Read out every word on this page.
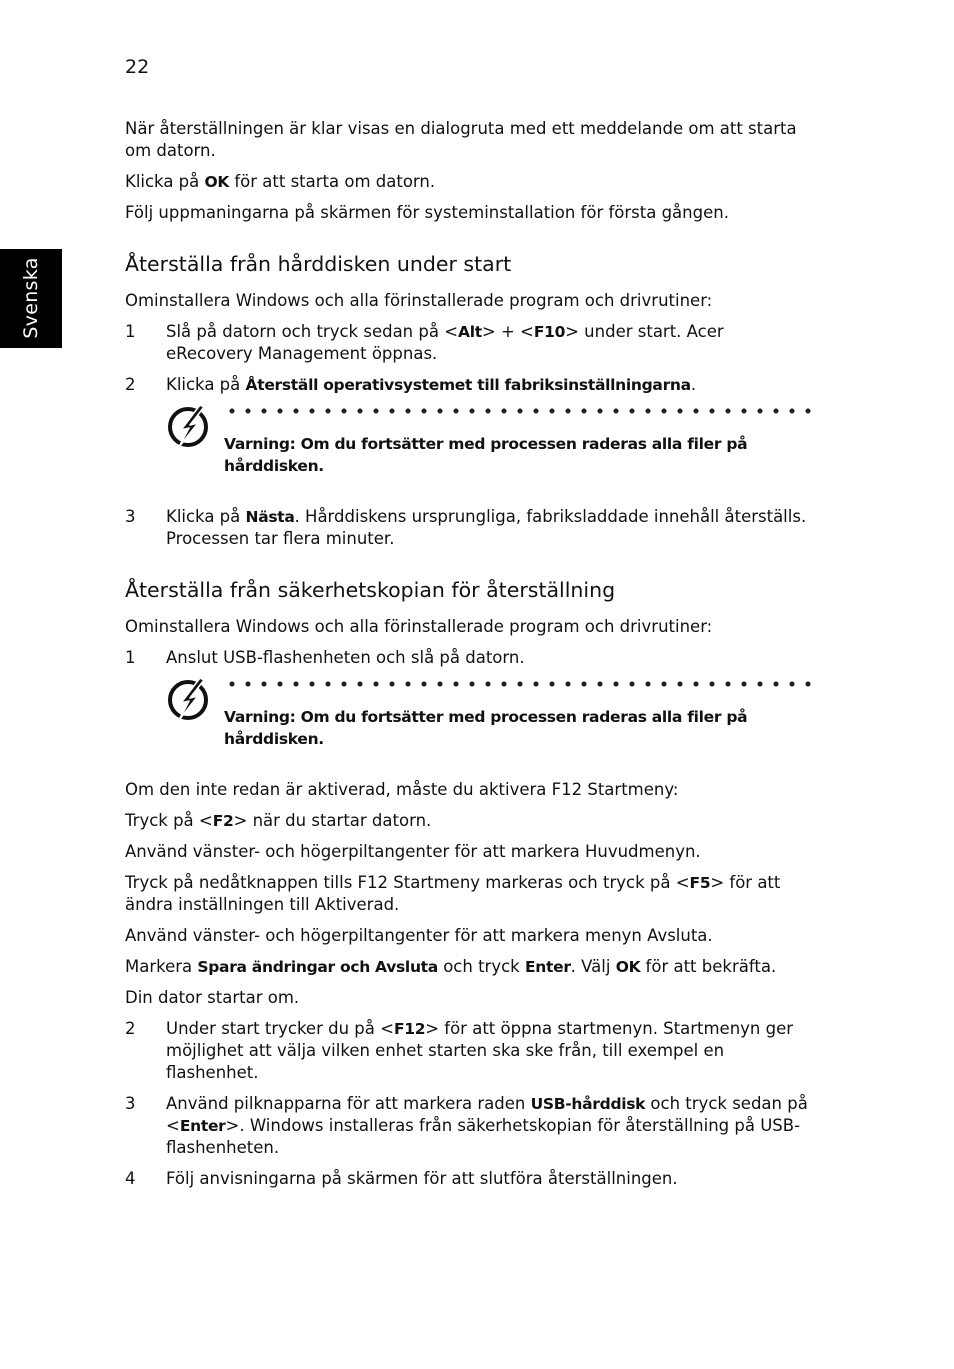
22
Svenska

När återställningen är klar visas en dialogruta med ett meddelande om att starta om datorn.

Klicka på OK för att starta om datorn.

Följ uppmaningarna på skärmen för systeminstallation för första gången.

Återställa från hårddisken under start

Ominstallera Windows och alla förinstallerade program och drivrutiner:

1	Slå på datorn och tryck sedan på <Alt> + <F10> under start. Acer eRecovery Management öppnas.
2	Klicka på Återställ operativsystemet till fabriksinställningarna.
Varning: Om du fortsätter med processen raderas alla filer på hårddisken.
3	Klicka på Nästa. Hårddiskens ursprungliga, fabriksladdade innehåll återställs. Processen tar flera minuter.
Återställa från säkerhetskopian för återställning

Ominstallera Windows och alla förinstallerade program och drivrutiner:

1	Anslut USB-flashenheten och slå på datorn.
Varning: Om du fortsätter med processen raderas alla filer på hårddisken.

Om den inte redan är aktiverad, måste du aktivera F12 Startmeny:

Tryck på <F2> när du startar datorn.

Använd vänster- och högerpiltangenter för att markera Huvudmenyn.

Tryck på nedåtknappen tills F12 Startmeny markeras och tryck på <F5> för att ändra inställningen till Aktiverad.

Använd vänster- och högerpiltangenter för att markera menyn Avsluta.

Markera Spara ändringar och Avsluta och tryck Enter. Välj OK för att bekräfta.

Din dator startar om.

2	Under start trycker du på <F12> för att öppna startmenyn. Startmenyn ger möjlighet att välja vilken enhet starten ska ske från, till exempel en flashenhet.
3	Använd pilknapparna för att markera raden USB-hårddisk och tryck sedan på <Enter>. Windows installeras från säkerhetskopian för återställning på USB-flashenheten.
4	Följ anvisningarna på skärmen för att slutföra återställningen.
